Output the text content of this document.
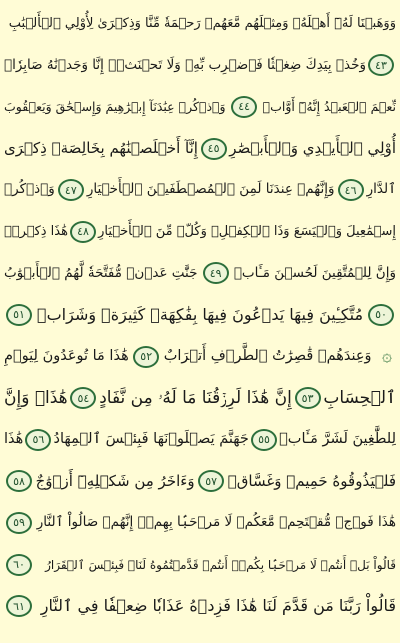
وَوَهَبۡنَا لَهُۥٓ أَهۡلَهُۥ وَمِثۡلَهُم مَّعَهُمۡ رَحۡمَةٗ مِّنَّا وَذِكۡرَىٰ لِأُوْلِي ٱلۡأَلۡبَٰبِ
٤٣
وَخُذۡ بِيَدِكَ ضِغۡثٗا فَٱضۡرِب بِّهِۦ وَلَا تَحۡنَثۡۗ إِنَّا وَجَدۡنَٰهُ صَابِرٗاۚ
نِّعۡمَ ٱلۡعَبۡدُ إِنَّهُۥٓ أَوَّابٞ
٤٤
وَٱذۡكُرۡ عِبَٰدَنَآ إِبۡرَٰهِيمَ وَإِسۡحَٰقَ وَيَعۡقُوبَ
أُوْلِي ٱلۡأَيۡدِي وَٱلۡأَبۡصَٰرِ
٤٥
إِنَّآ أَخۡلَصۡنَٰهُم بِخَالِصَةٖ ذِكۡرَى
ٱلدَّارِ
٤٦
وَإِنَّهُمۡ عِندَنَا لَمِنَ ٱلۡمُصۡطَفَيۡنَ ٱلۡأَخۡيَارِ
٤٧
وَٱذۡكُرۡ
إِسۡمَٰعِيلَ وَٱلۡيَسَعَ وَذَا ٱلۡكِفۡلِۖ وَكُلّٞ مِّنَ ٱلۡأَخۡيَارِ
٤٨
هَٰذَا ذِكۡرٞۚ
وَإِنَّ لِلۡمُتَّقِينَ لَحُسۡنَ مَـَٔابٖ
٤٩
جَنَّٰتِ عَدۡنٖ مُّفَتَّحَةٗ لَّهُمُ ٱلۡأَبۡوَٰبُ
٥٠
مُتَّكِـِٔينَ فِيهَا يَدۡعُونَ فِيهَا بِفَٰكِهَةٖ كَثِيرَةٖ وَشَرَابٖ
٥١
۞
وَعِندَهُمۡ قَٰصِرَٰتُ ٱلطَّرۡفِ أَتۡرَابٌ
٥٢
هَٰذَا مَا تُوعَدُونَ لِيَوۡمِ
ٱلۡحِسَابِ
٥٣
إِنَّ هَٰذَا لَرِزۡقُنَا مَا لَهُۥ مِن نَّفَادٍ
٥٤
هَٰذَاۚ وَإِنَّ
لِلطَّٰغِينَ لَشَرَّ مَـَٔابٖ
٥٥
جَهَنَّمَ يَصۡلَوۡنَهَا فَبِئۡسَ ٱلۡمِهَادُ
٥٦
هَٰذَا
فَلۡيَذُوقُوهُ حَمِيمٞ وَغَسَّاقٞ
٥٧
وَءَاخَرُ مِن شَكۡلِهِۦٓ أَزۡوَٰجٌ
٥٨
هَٰذَا فَوۡجٞ مُّقۡتَحِمٞ مَّعَكُمۡ لَا مَرۡحَبَۢا بِهِمۡۚ إِنَّهُمۡ صَالُواْ ٱلنَّارِ
٥٩
قَالُواْ بَلۡ أَنتُمۡ لَا مَرۡحَبَۢا بِكُمۡۖ أَنتُمۡ قَدَّمۡتُمُوهُ لَنَاۖ فَبِئۡسَ ٱلۡقَرَارُ
٦٠
قَالُواْ رَبَّنَا مَن قَدَّمَ لَنَا هَٰذَا فَزِدۡهُ عَذَابٗا ضِعۡفٗا فِي ٱلنَّارِ
٦١
